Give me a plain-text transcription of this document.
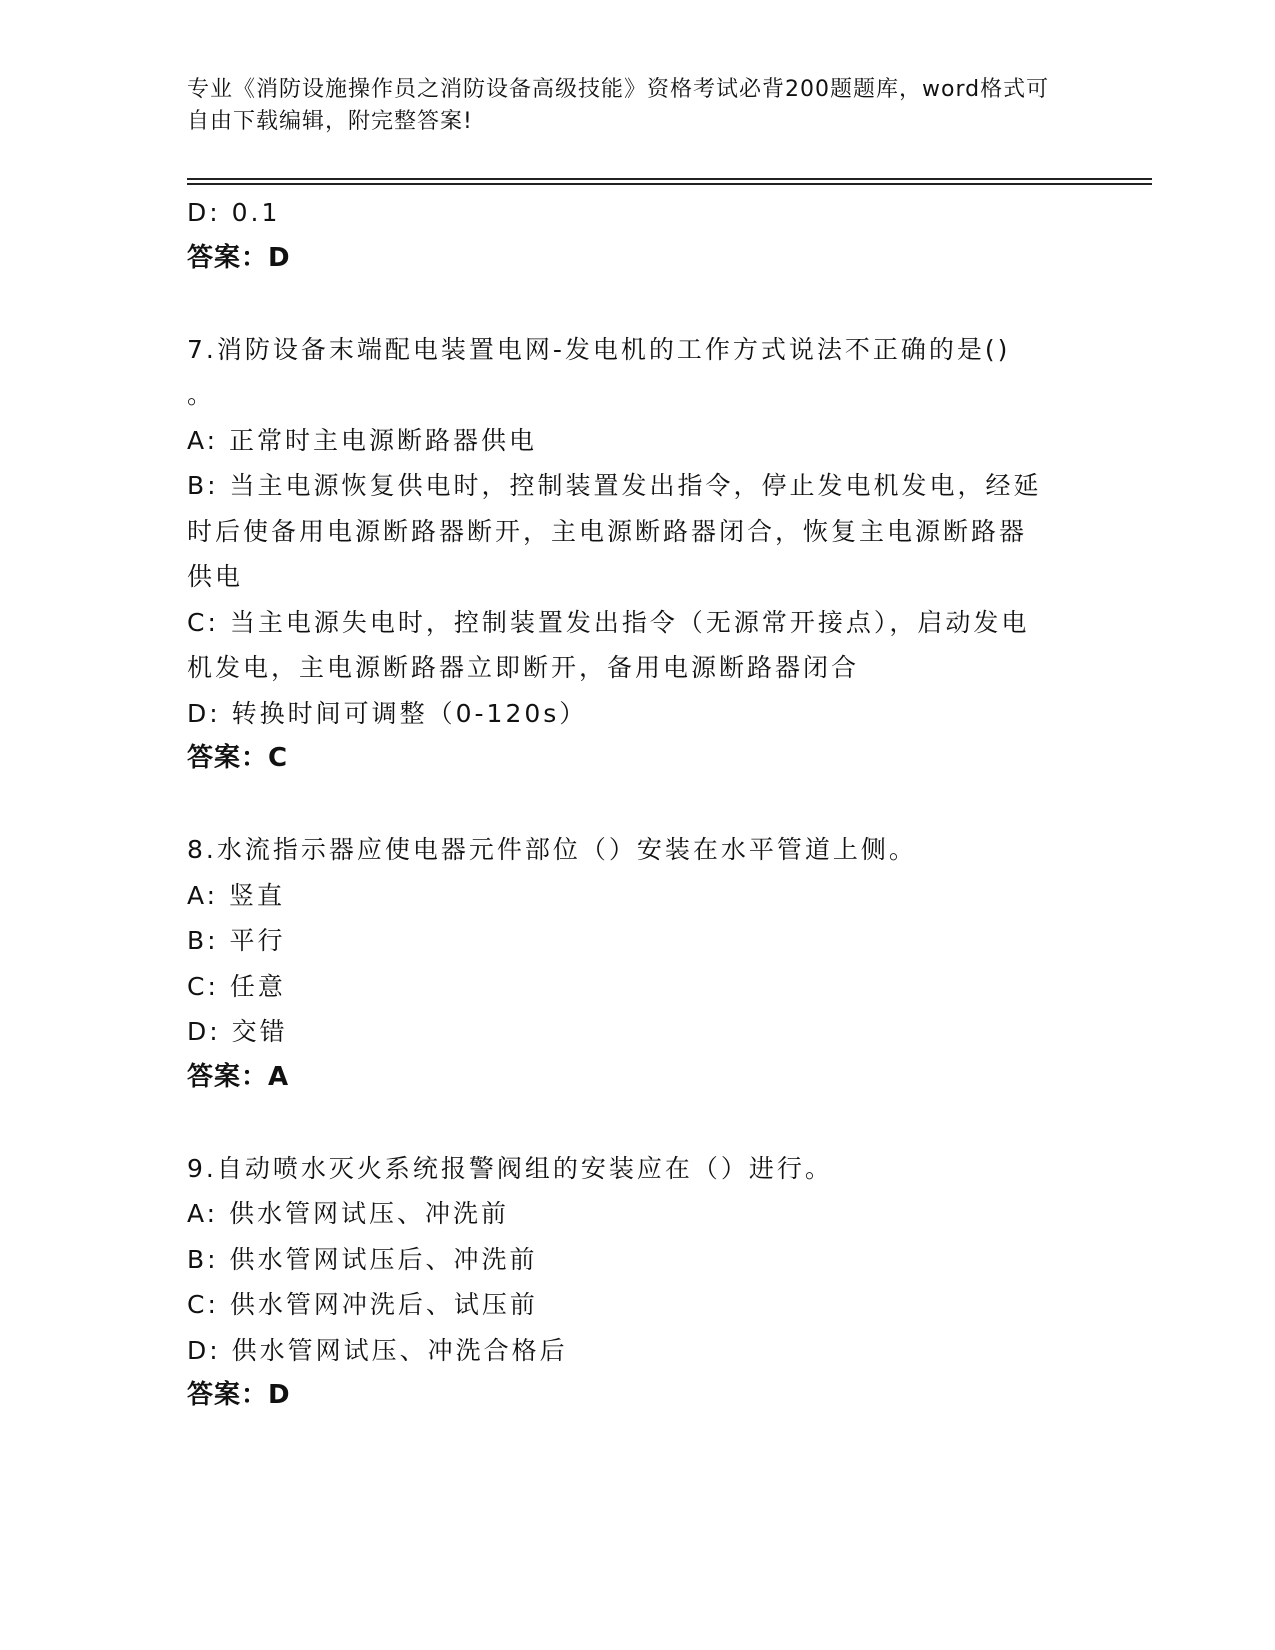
专业《消防设施操作员之消防设备高级技能》资格考试必背200题题库，word格式可自由下载编辑，附完整答案!
D: 0.1
答案：D
7.消防设备末端配电装置电网-发电机的工作方式说法不正确的是()
。
A: 正常时主电源断路器供电
B: 当主电源恢复供电时，控制装置发出指令，停止发电机发电，经延
时后使备用电源断路器断开，主电源断路器闭合，恢复主电源断路器
供电
C: 当主电源失电时，控制装置发出指令（无源常开接点），启动发电
机发电，主电源断路器立即断开，备用电源断路器闭合
D: 转换时间可调整（0-120s）
答案：C
8.水流指示器应使电器元件部位（）安装在水平管道上侧。
A: 竖直
B: 平行
C: 任意
D: 交错
答案：A
9.自动喷水灭火系统报警阀组的安装应在（）进行。
A: 供水管网试压、冲洗前
B: 供水管网试压后、冲洗前
C: 供水管网冲洗后、试压前
D: 供水管网试压、冲洗合格后
答案：D
